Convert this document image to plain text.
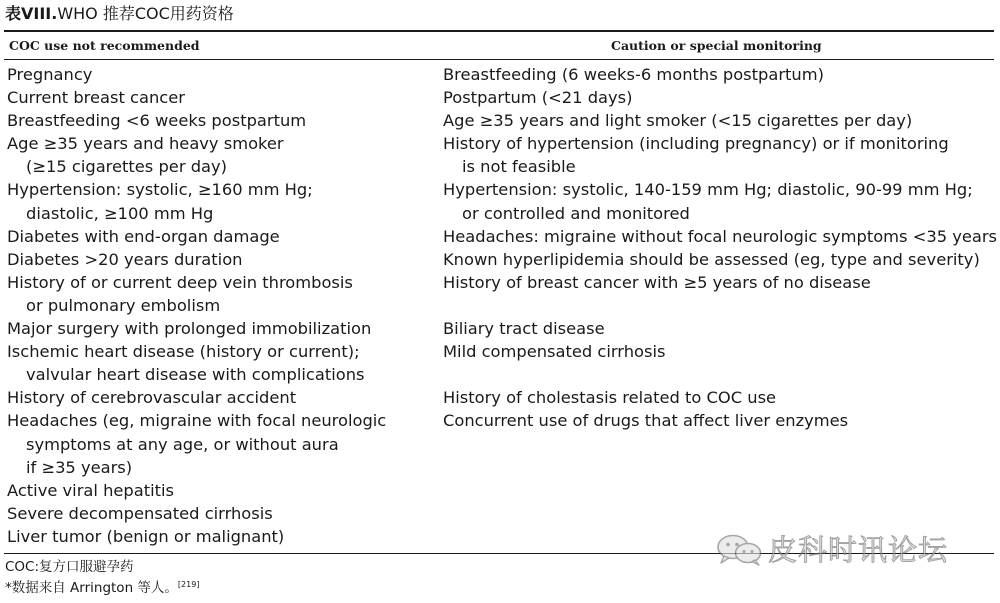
表VIII.WHO 推荐COC用药资格
COC use not recommended	Caution or special monitoring
Pregnancy
Current breast cancer
Breastfeeding <6 weeks postpartum
Age ≥35 years and heavy smoker
(≥15 cigarettes per day)
Hypertension: systolic, ≥160 mm Hg;
diastolic, ≥100 mm Hg
Diabetes with end-organ damage
Diabetes >20 years duration
History of or current deep vein thrombosis
or pulmonary embolism
Major surgery with prolonged immobilization
Ischemic heart disease (history or current);
valvular heart disease with complications
History of cerebrovascular accident
Headaches (eg, migraine with focal neurologic
symptoms at any age, or without aura
if ≥35 years)
Active viral hepatitis
Severe decompensated cirrhosis
Liver tumor (benign or malignant)
Breastfeeding (6 weeks-6 months postpartum)
Postpartum (<21 days)
Age ≥35 years and light smoker (<15 cigarettes per day)
History of hypertension (including pregnancy) or if monitoring
is not feasible
Hypertension: systolic, 140-159 mm Hg; diastolic, 90-99 mm Hg;
or controlled and monitored
Headaches: migraine without focal neurologic symptoms <35 years
Known hyperlipidemia should be assessed (eg, type and severity)
History of breast cancer with ≥5 years of no disease
Biliary tract disease
Mild compensated cirrhosis
History of cholestasis related to COC use
Concurrent use of drugs that affect liver enzymes
COC:复方口服避孕药
*数据来自 Arrington 等人。[219]
皮科时讯论坛
